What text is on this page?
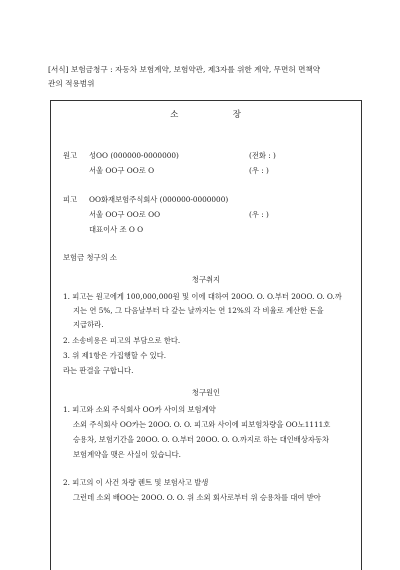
[서식] 보험금청구 : 자동차 보험계약, 보험약관, 제3자를 위한 계약, 무면허 면책약
관의 적용범위
소	장
원고 성OO (000000-0000000)	(전화 : )
서울 OO구 OO로 O	(우 : )
피고 OO화재보험주식회사 (000000-0000000)
서울 OO구 OO로 OO	(우 : )
대표이사 조 O O
보험금 청구의 소
청구취지
1. 피고는 원고에게 100,000,000원 및 이에 대하여 20OO. O. O.부터 20OO. O. O.까
지는 연 5%, 그 다음날부터 다 갚는 날까지는 연 12%의 각 비율로 계산한 돈을
지급하라.
2. 소송비용은 피고의 부담으로 한다.
3. 위 제1항은 가집행할 수 있다.
라는 판결을 구합니다.
청구원인
1. 피고와 소외 주식회사 OO카 사이의 보험계약
소외 주식회사 OO카는 20OO. O. O. 피고와 사이에 피보험차량을 OO노1111호
승용차, 보험기간을 20OO. O. O.부터 20OO. O. O.까지로 하는 대인배상자동차
보험계약을 맺은 사실이 있습니다.
2. 피고의 이 사건 차량 렌트 및 보험사고 발생
그런데 소외 배OO는 20OO. O. O. 위 소외 회사로부터 위 승용차를 대여 받아
